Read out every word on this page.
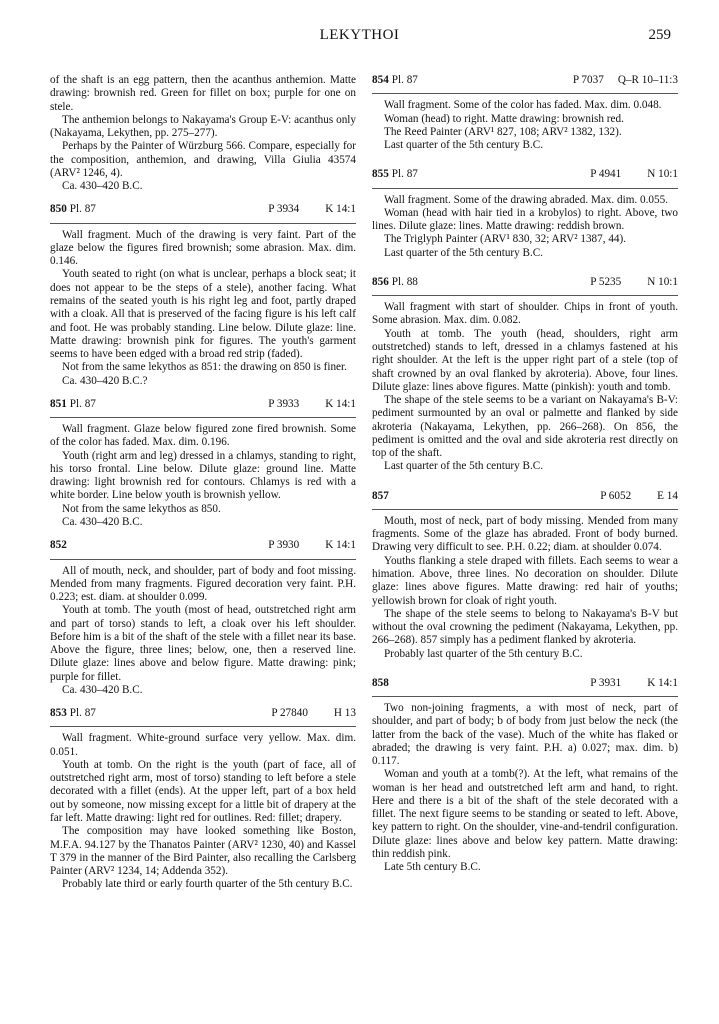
LEKYTHOI	259

of the shaft is an egg pattern, then the acanthus anthemion. Matte drawing: brownish red. Green for fillet on box; purple for one on stele.

The anthemion belongs to Nakayama's Group E-V: acanthus only (Nakayama, Lekythen, pp. 275–277).

Perhaps by the Painter of Würzburg 566. Compare, especially for the composition, anthemion, and drawing, Villa Giulia 43574 (ARV² 1246, 4).

Ca. 430–420 B.C.

850 Pl. 87	P 3934 K 14:1

Wall fragment. Much of the drawing is very faint. Part of the glaze below the figures fired brownish; some abrasion. Max. dim. 0.146.

Youth seated to right (on what is unclear, perhaps a block seat; it does not appear to be the steps of a stele), another facing. What remains of the seated youth is his right leg and foot, partly draped with a cloak. All that is preserved of the facing figure is his left calf and foot. He was probably standing. Line below. Dilute glaze: line. Matte drawing: brownish pink for figures. The youth's garment seems to have been edged with a broad red strip (faded).

Not from the same lekythos as 851: the drawing on 850 is finer.

Ca. 430–420 B.C.?

851 Pl. 87	P 3933 K 14:1

Wall fragment. Glaze below figured zone fired brownish. Some of the color has faded. Max. dim. 0.196.

Youth (right arm and leg) dressed in a chlamys, standing to right, his torso frontal. Line below. Dilute glaze: ground line. Matte drawing: light brownish red for contours. Chlamys is red with a white border. Line below youth is brownish yellow.

Not from the same lekythos as 850.

Ca. 430–420 B.C.

852	P 3930 K 14:1

All of mouth, neck, and shoulder, part of body and foot missing. Mended from many fragments. Figured decoration very faint. P.H. 0.223; est. diam. at shoulder 0.099.

Youth at tomb. The youth (most of head, outstretched right arm and part of torso) stands to left, a cloak over his left shoulder. Before him is a bit of the shaft of the stele with a fillet near its base. Above the figure, three lines; below, one, then a reserved line. Dilute glaze: lines above and below figure. Matte drawing: pink; purple for fillet.

Ca. 430–420 B.C.

853 Pl. 87	P 27840 H 13

Wall fragment. White-ground surface very yellow. Max. dim. 0.051.

Youth at tomb. On the right is the youth (part of face, all of outstretched right arm, most of torso) standing to left before a stele decorated with a fillet (ends). At the upper left, part of a box held out by someone, now missing except for a little bit of drapery at the far left. Matte drawing: light red for outlines. Red: fillet; drapery.

The composition may have looked something like Boston, M.F.A. 94.127 by the Thanatos Painter (ARV² 1230, 40) and Kassel T 379 in the manner of the Bird Painter, also recalling the Carlsberg Painter (ARV² 1234, 14; Addenda 352).

Probably late third or early fourth quarter of the 5th century B.C.

854 Pl. 87	P 7037 Q–R 10–11:3

Wall fragment. Some of the color has faded. Max. dim. 0.048.

Woman (head) to right. Matte drawing: brownish red.

The Reed Painter (ARV¹ 827, 108; ARV² 1382, 132).

Last quarter of the 5th century B.C.

855 Pl. 87	P 4941 N 10:1

Wall fragment. Some of the drawing abraded. Max. dim. 0.055.

Woman (head with hair tied in a krobylos) to right. Above, two lines. Dilute glaze: lines. Matte drawing: reddish brown.

The Triglyph Painter (ARV¹ 830, 32; ARV² 1387, 44).

Last quarter of the 5th century B.C.

856 Pl. 88	P 5235 N 10:1

Wall fragment with start of shoulder. Chips in front of youth. Some abrasion. Max. dim. 0.082.

Youth at tomb. The youth (head, shoulders, right arm outstretched) stands to left, dressed in a chlamys fastened at his right shoulder. At the left is the upper right part of a stele (top of shaft crowned by an oval flanked by akroteria). Above, four lines. Dilute glaze: lines above figures. Matte (pinkish): youth and tomb.

The shape of the stele seems to be a variant on Nakayama's B-V: pediment surmounted by an oval or palmette and flanked by side akroteria (Nakayama, Lekythen, pp. 266–268). On 856, the pediment is omitted and the oval and side akroteria rest directly on top of the shaft.

Last quarter of the 5th century B.C.

857	P 6052 E 14

Mouth, most of neck, part of body missing. Mended from many fragments. Some of the glaze has abraded. Front of body burned. Drawing very difficult to see. P.H. 0.22; diam. at shoulder 0.074.

Youths flanking a stele draped with fillets. Each seems to wear a himation. Above, three lines. No decoration on shoulder. Dilute glaze: lines above figures. Matte drawing: red hair of youths; yellowish brown for cloak of right youth.

The shape of the stele seems to belong to Nakayama's B-V but without the oval crowning the pediment (Nakayama, Lekythen, pp. 266–268). 857 simply has a pediment flanked by akroteria.

Probably last quarter of the 5th century B.C.

858	P 3931 K 14:1

Two non-joining fragments, a with most of neck, part of shoulder, and part of body; b of body from just below the neck (the latter from the back of the vase). Much of the white has flaked or abraded; the drawing is very faint. P.H. a) 0.027; max. dim. b) 0.117.

Woman and youth at a tomb(?). At the left, what remains of the woman is her head and outstretched left arm and hand, to right. Here and there is a bit of the shaft of the stele decorated with a fillet. The next figure seems to be standing or seated to left. Above, key pattern to right. On the shoulder, vine-and-tendril configuration. Dilute glaze: lines above and below key pattern. Matte drawing: thin reddish pink.

Late 5th century B.C.
